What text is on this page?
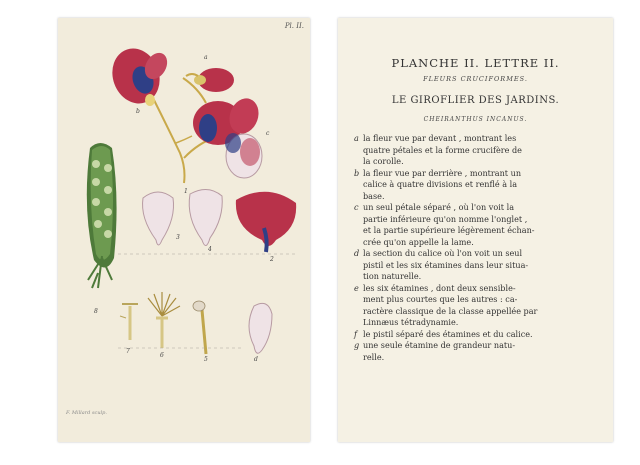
Pl. II.
a
b
c
1
3
4
2
8
7
6
5	d
F. Millard sculp.
PLANCHE II. LETTRE II.
FLEURS CRUCIFORMES.
LE GIROFLIER DES JARDINS.
CHEIRANTHUS INCANUS.
a la fleur vue par devant , montrant les
quatre pétales et la forme crucifère de
la corolle.
b la fleur vue par derrière , montrant un
calice à quatre divisions et renflé à la
base.
c un seul pétale séparé , où l'on voit la
partie inférieure qu'on nomme l'onglet ,
et la partie supérieure légèrement échan-
crée qu'on appelle la lame.
d la section du calice où l'on voit un seul
pistil et les six étamines dans leur situa-
tion naturelle.
e les six étamines , dont deux sensible-
ment plus courtes que les autres : ca-
ractère classique de la classe appellée par
Linnæus tétradynamie.
f le pistil séparé des étamines et du calice.
g une seule étamine de grandeur natu-
relle.
